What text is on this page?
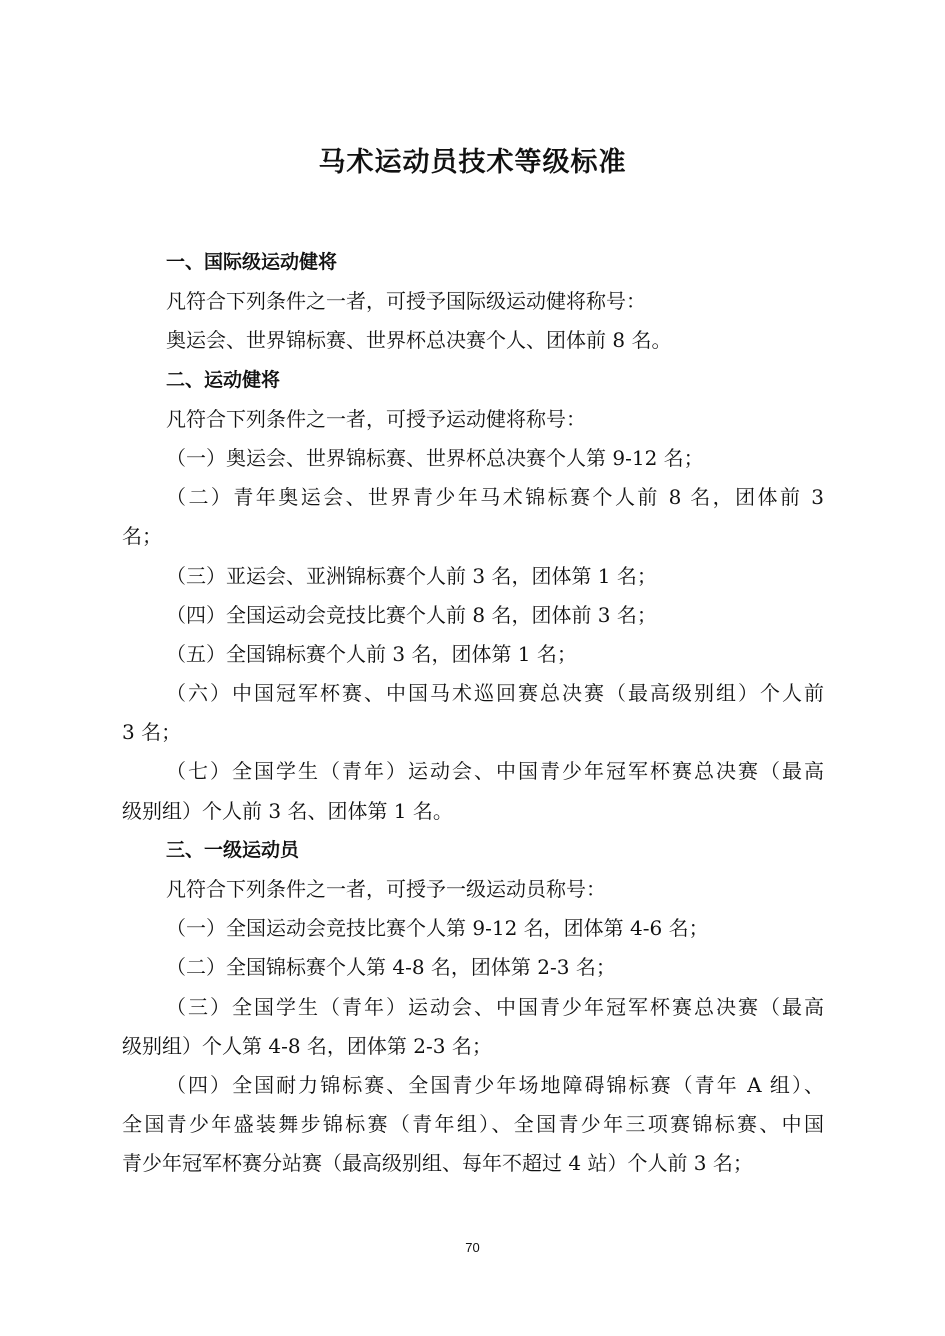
马术运动员技术等级标准
一、国际级运动健将
凡符合下列条件之一者，可授予国际级运动健将称号：
奥运会、世界锦标赛、世界杯总决赛个人、团体前 8 名。
二、运动健将
凡符合下列条件之一者，可授予运动健将称号：
（一）奥运会、世界锦标赛、世界杯总决赛个人第 9-12 名；
（二）青年奥运会、世界青少年马术锦标赛个人前 8 名，团体前 3
名；
（三）亚运会、亚洲锦标赛个人前 3 名，团体第 1 名；
（四）全国运动会竞技比赛个人前 8 名，团体前 3 名；
（五）全国锦标赛个人前 3 名，团体第 1 名；
（六）中国冠军杯赛、中国马术巡回赛总决赛（最高级别组）个人前
3 名；
（七）全国学生（青年）运动会、中国青少年冠军杯赛总决赛（最高
级别组）个人前 3 名、团体第 1 名。
三、一级运动员
凡符合下列条件之一者，可授予一级运动员称号：
（一）全国运动会竞技比赛个人第 9-12 名，团体第 4-6 名；
（二）全国锦标赛个人第 4-8 名，团体第 2-3 名；
（三）全国学生（青年）运动会、中国青少年冠军杯赛总决赛（最高
级别组）个人第 4-8 名，团体第 2-3 名；
（四）全国耐力锦标赛、全国青少年场地障碍锦标赛（青年 A 组）、
全国青少年盛装舞步锦标赛（青年组）、全国青少年三项赛锦标赛、中国
青少年冠军杯赛分站赛（最高级别组、每年不超过 4 站）个人前 3 名；
70
